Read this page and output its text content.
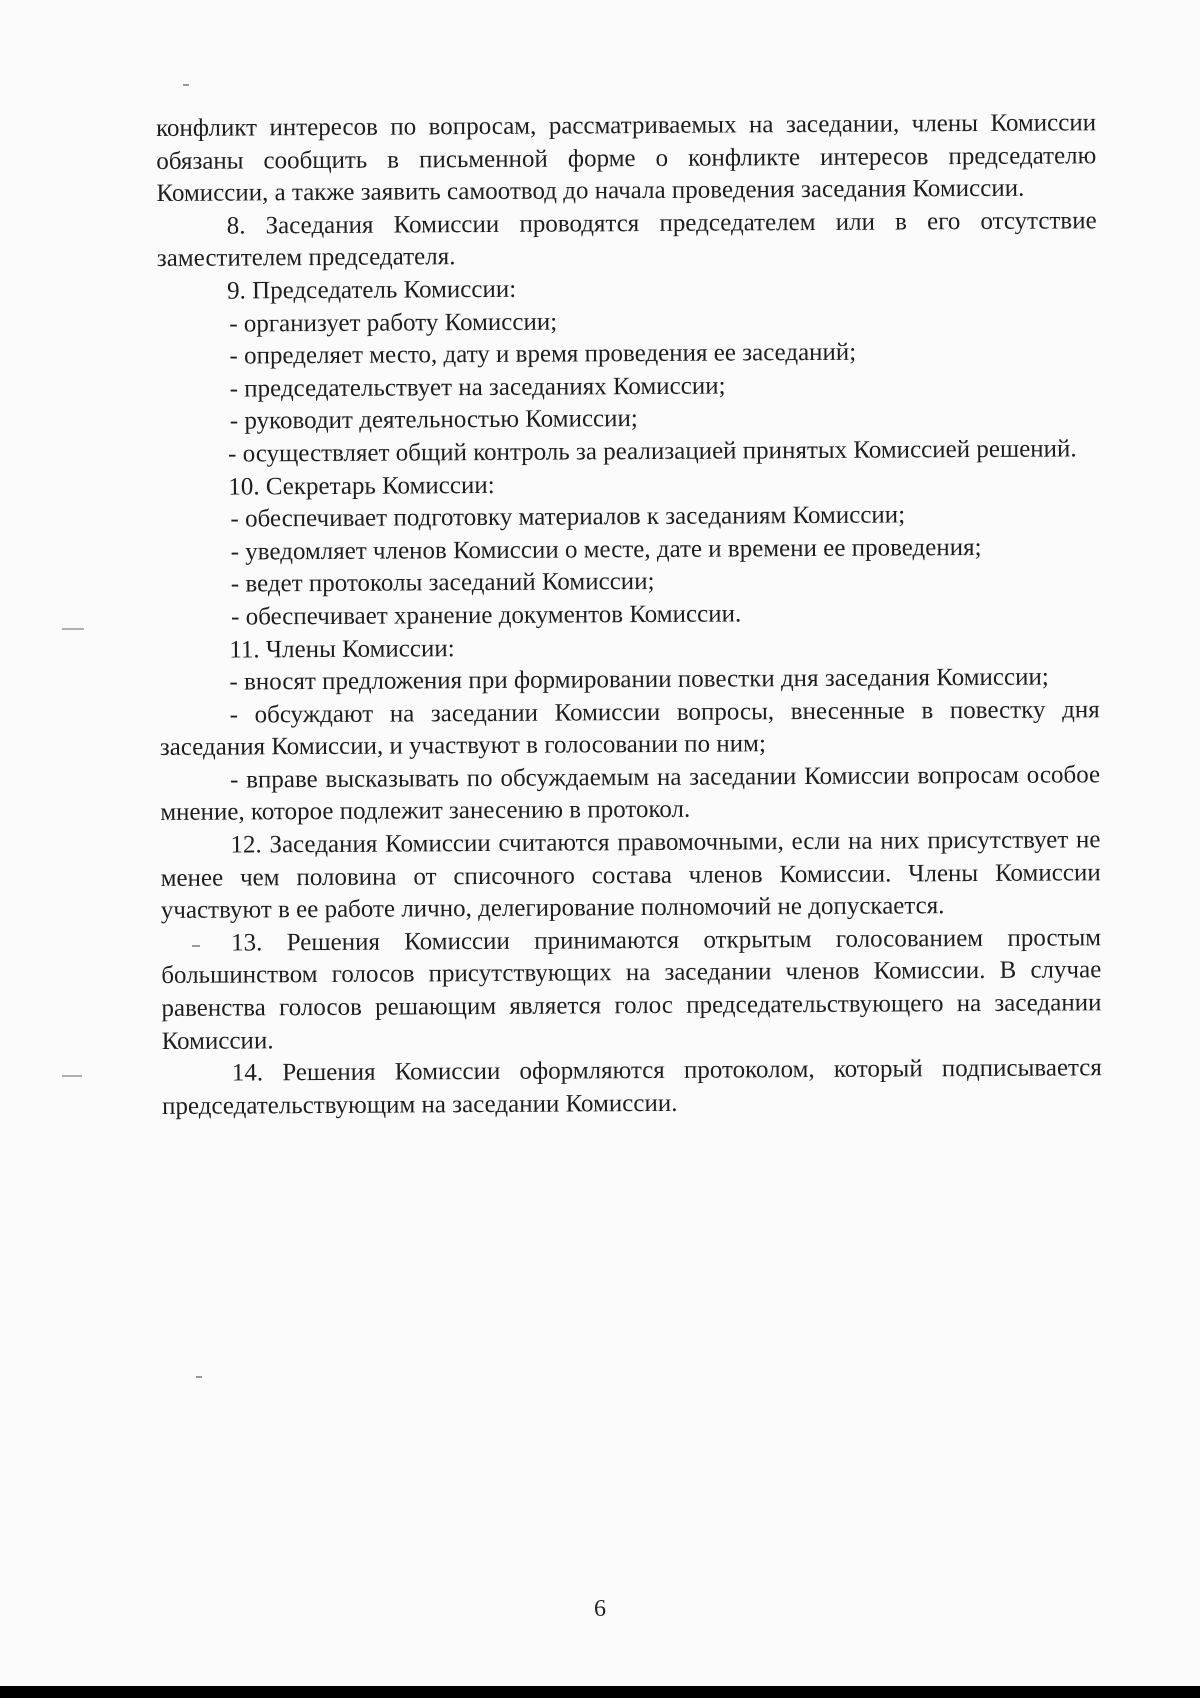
конфликт интересов по вопросам, рассматриваемых на заседании, члены Комиссии обязаны сообщить в письменной форме о конфликте интересов председателю Комиссии, а также заявить самоотвод до начала проведения заседания Комиссии.

8. Заседания Комиссии проводятся председателем или в его отсутствие заместителем председателя.

9. Председатель Комиссии:

- организует работу Комиссии;

- определяет место, дату и время проведения ее заседаний;

- председательствует на заседаниях Комиссии;

- руководит деятельностью Комиссии;

- осуществляет общий контроль за реализацией принятых Комиссией решений.

10. Секретарь Комиссии:

- обеспечивает подготовку материалов к заседаниям Комиссии;

- уведомляет членов Комиссии о месте, дате и времени ее проведения;

- ведет протоколы заседаний Комиссии;

- обеспечивает хранение документов Комиссии.

11. Члены Комиссии:

- вносят предложения при формировании повестки дня заседания Комиссии;

- обсуждают на заседании Комиссии вопросы, внесенные в повестку дня заседания Комиссии, и участвуют в голосовании по ним;

- вправе высказывать по обсуждаемым на заседании Комиссии вопросам особое мнение, которое подлежит занесению в протокол.

12. Заседания Комиссии считаются правомочными, если на них присутствует не менее чем половина от списочного состава членов Комиссии. Члены Комиссии участвуют в ее работе лично, делегирование полномочий не допускается.

13. Решения Комиссии принимаются открытым голосованием простым большинством голосов присутствующих на заседании членов Комиссии. В случае равенства голосов решающим является голос председательствующего на заседании Комиссии.

14. Решения Комиссии оформляются протоколом, который подписывается председательствующим на заседании Комиссии.

6
